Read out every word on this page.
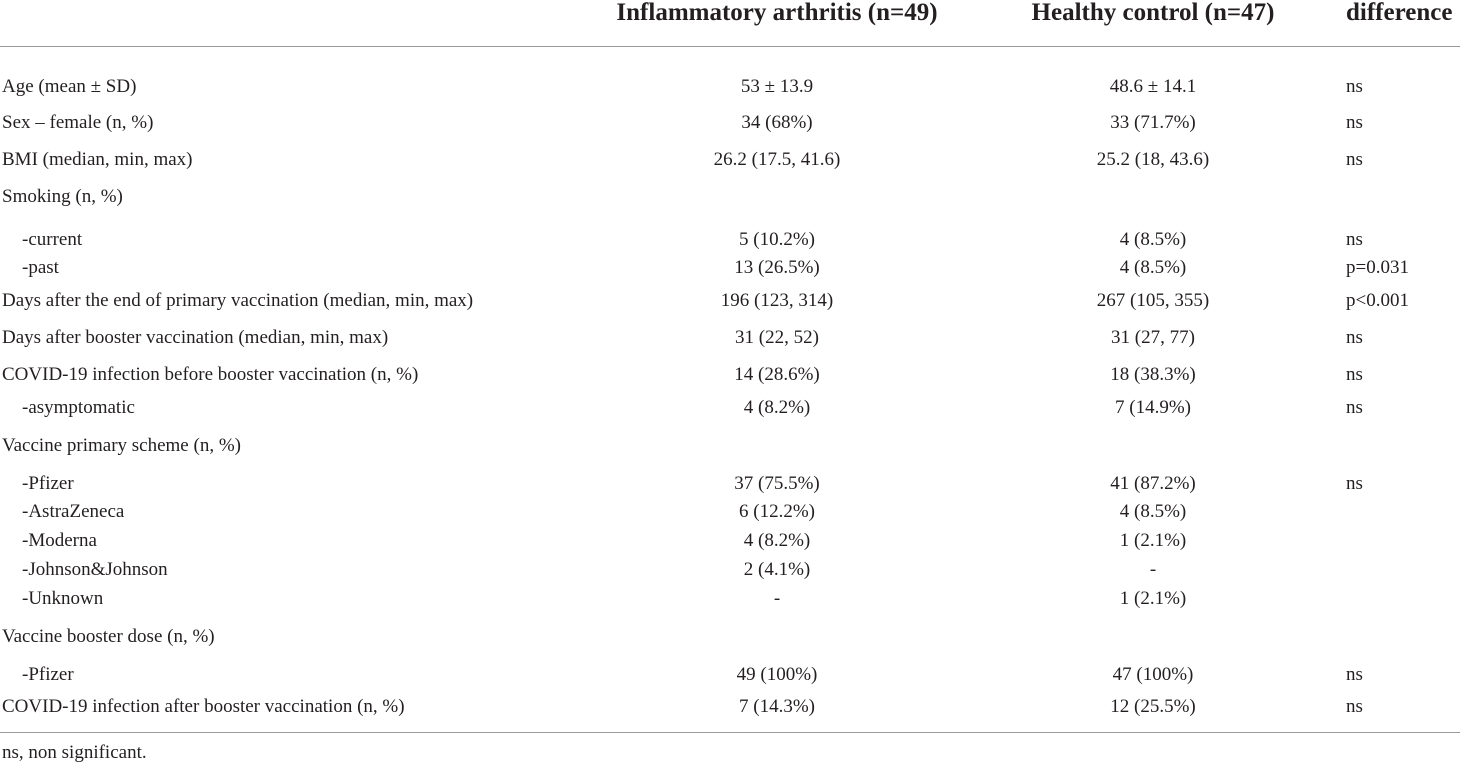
	Inflammatory arthritis (n=49)	Healthy control (n=47)	difference
Age (mean ± SD)	53 ± 13.9	48.6 ± 14.1	ns
Sex – female (n, %)	34 (68%)	33 (71.7%)	ns
BMI (median, min, max)	26.2 (17.5, 41.6)	25.2 (18, 43.6)	ns
Smoking (n, %)			
-current	5 (10.2%)	4 (8.5%)	ns
-past	13 (26.5%)	4 (8.5%)	p=0.031
Days after the end of primary vaccination (median, min, max)	196 (123, 314)	267 (105, 355)	p<0.001
Days after booster vaccination (median, min, max)	31 (22, 52)	31 (27, 77)	ns
COVID-19 infection before booster vaccination (n, %)	14 (28.6%)	18 (38.3%)	ns
-asymptomatic	4 (8.2%)	7 (14.9%)	ns
Vaccine primary scheme (n, %)			
-Pfizer	37 (75.5%)	41 (87.2%)	ns
-AstraZeneca	6 (12.2%)	4 (8.5%)	
-Moderna	4 (8.2%)	1 (2.1%)	
-Johnson&Johnson	2 (4.1%)	-	
-Unknown	-	1 (2.1%)	
Vaccine booster dose (n, %)			
-Pfizer	49 (100%)	47 (100%)	ns
COVID-19 infection after booster vaccination (n, %)	7 (14.3%)	12 (25.5%)	ns
ns, non significant.
